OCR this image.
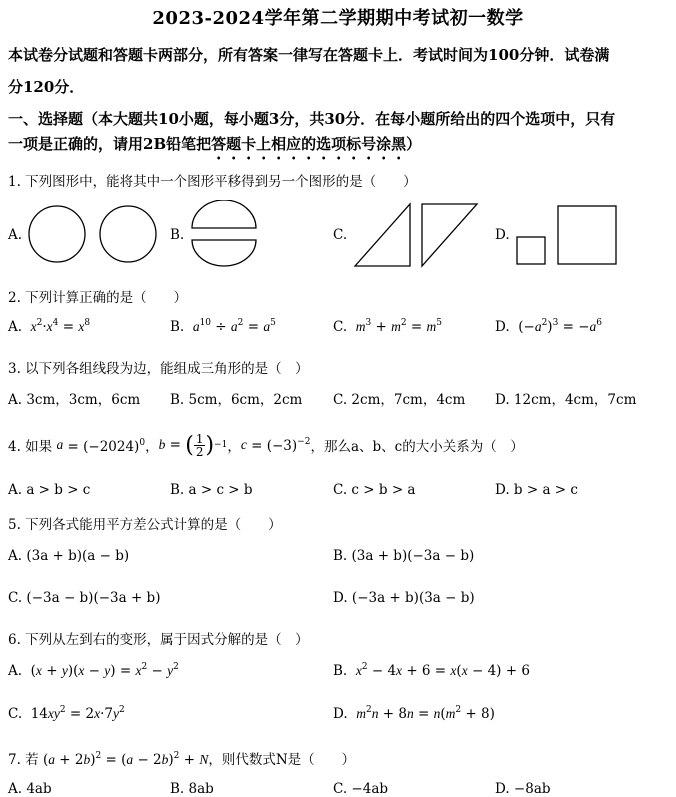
2023-2024学年第二学期期中考试初一数学
本试卷分试题和答题卡两部分，所有答案一律写在答题卡上．考试时间为100分钟．试卷满
分120分．
一、选择题（本大题共10小题，每小题3分，共30分．在每小题所给出的四个选项中，只有
一项是正确的，请用2B铅笔把答题卡上相应的选项标号涂黑）
1. 下列图形中，能将其中一个图形平移得到另一个图形的是（　　）
A.	B.	C.	D.
2. 下列计算正确的是（　　）
A. $x^2\cdot x^4 = x^8$	B. $a^{10} \div a^2 = a^5$	C. $m^3 + m^2 = m^5$	D.  $(-a^2)^3 = -a^6$
3. 以下列各组线段为边，能组成三角形的是（　）
A. 3cm，3cm，6cm B. 5cm，6cm，2cm C. 2cm，7cm，4cm D. 12cm，4cm，7cm
4. 如果 $a = (-2024)^0$， b = ( $\frac{1}{2}$ ) −1 ， $c = (-3)^{-2}$ ，那么a、b、c的大小关系为（　）
A. a > b > c	B. a > c > b	C. c > b > a	D. b > a > c
5. 下列各式能用平方差公式计算的是（　　）
A. (3a + b)(a − b)	B. (3a + b)(−3a − b)
C. (−3a − b)(−3a + b)	D. (−3a + b)(3a − b)
6. 下列从左到右的变形，属于因式分解的是（　）
A.  $(x + y)(x - y) = x^2 - y^2$	B. $x^2 - 4x + 6 = x(x - 4) + 6$
C.  $14xy^2 = 2x\cdot 7y^2$	D. $m^2n + 8n = n(m^2 + 8)$
7. 若 $(a + 2b)^2 = (a - 2b)^2 + N$，则代数式N是（　　）
A. 4ab	B. 8ab	C. −4ab	D. −8ab
